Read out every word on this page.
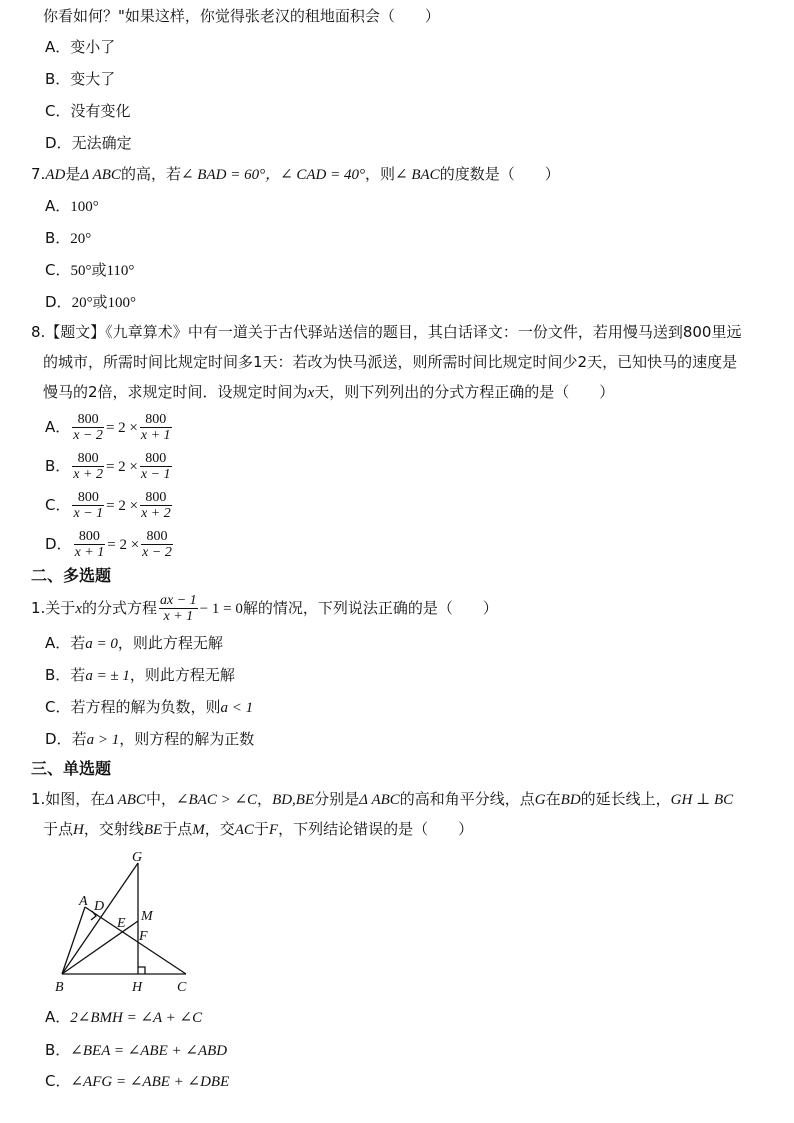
你看如何？"如果这样，你觉得张老汉的租地面积会（　　）
A．变小了
B．变大了
C．没有变化
D．无法确定
7.AD是Δ ABC的高，若∠ BAD = 60°，∠ CAD = 40°，则∠ BAC的度数是（　　）
A．100°
B．20°
C．50°或110°
D．20°或100°
8.【题文】《九章算术》中有一道关于古代驿站送信的题目，其白话译文：一份文件，若用慢马送到800里远
的城市，所需时间比规定时间多1天：若改为快马派送，则所需时间比规定时间少2天，已知快马的速度是
慢马的2倍，求规定时间．设规定时间为x天，则下列列出的分式方程正确的是（　　）
A． $\frac{800}{x - 2} = 2 \times \frac{800}{x + 1}$
B． $\frac{800}{x + 2} = 2 \times \frac{800}{x - 1}$
C． $\frac{800}{x - 1} = 2 \times \frac{800}{x + 2}$
D． $\frac{800}{x + 1} = 2 \times \frac{800}{x - 2}$
二、多选题
1.关于x的分式方程 $\frac{ax - 1}{x + 1} - 1 = 0$解的情况，下列说法正确的是（　　）
A．若a = 0，则此方程无解
B．若a = ± 1，则此方程无解
C．若方程的解为负数，则a < 1
D．若a > 1，则方程的解为正数
三、单选题
1.如图，在Δ ABC中，∠BAC > ∠C，BD,BE分别是Δ ABC的高和角平分线，点G在BD的延长线上，GH ⊥ BC
于点H，交射线BE于点M，交AC于F，下列结论错误的是（　　）
G
A D
E M
F
B	H C
A．2∠BMH = ∠A + ∠C
B．∠BEA = ∠ABE + ∠ABD
C．∠AFG = ∠ABE + ∠DBE
